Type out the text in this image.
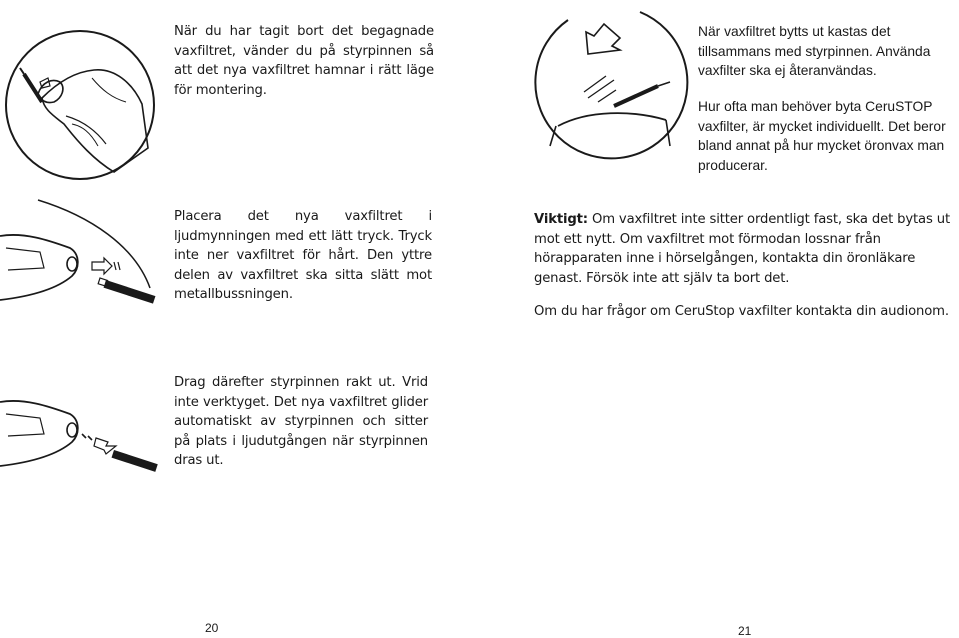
När du har tagit bort det begagnade vaxfiltret, vänder du på styrpinnen så att det nya vaxfiltret hamnar i rätt läge för montering.

Placera det nya vaxfiltret i ljudmynningen med ett lätt tryck. Tryck inte ner vaxfiltret för hårt. Den yttre delen av vaxfiltret ska sitta slätt mot metallbussningen.

Drag därefter styrpinnen rakt ut. Vrid inte verktyget. Det nya vaxfiltret glider automatiskt av styrpinnen och sitter på plats i ljudutgången när styrpinnen dras ut.

20

När vaxfiltret bytts ut kastas det tillsammans med styrpinnen. Använda vaxfilter ska ej återanvändas.

Hur ofta man behöver byta CeruSTOP vaxfilter, är mycket individuellt. Det beror bland annat på hur mycket öronvax man producerar.

Viktigt: Om vaxfiltret inte sitter ordentligt fast, ska det bytas ut mot ett nytt. Om vaxfiltret mot förmodan lossnar från hörapparaten inne i hörselgången, kontakta din öronläkare genast. Försök inte att själv ta bort det.

Om du har frågor om CeruStop vaxfilter kontakta din audionom.

21
